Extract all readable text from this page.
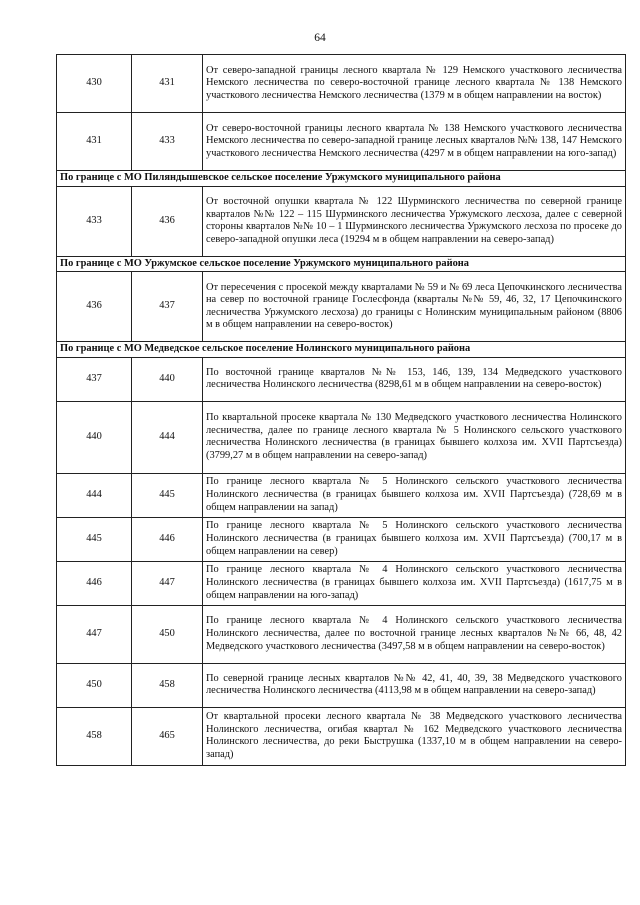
64
430	431	От северо-западной границы лесного квартала № 129 Немского участкового лесничества Немского лесничества по северо-восточной границе лесного квартала № 138 Немского участкового лесничества Немского лесничества (1379 м в общем направлении на восток)
431	433	От северо-восточной границы лесного квартала № 138 Немского участкового лесничества Немского лесничества по северо-западной границе лесных кварталов №№ 138, 147 Немского участкового лесничества Немского лесничества (4297 м в общем направлении на юго-запад)
По границе с МО Пиляндышевское сельское поселение Уржумского муниципального района		
433	436	От восточной опушки квартала № 122 Шурминского лесничества по северной границе кварталов №№ 122 – 115 Шурминского лесничества Уржумского лесхоза, далее с северной стороны кварталов №№ 10 – 1 Шурминского лесничества Уржумского лесхоза по просеке до северо-западной опушки леса (19294 м в общем направлении на северо-запад)
По границе с МО Уржумское сельское поселение Уржумского муниципального района		
436	437	От пересечения с просекой между кварталами № 59 и № 69 леса Цепочкинского лесничества на север по восточной границе Гослесфонда (кварталы №№ 59, 46, 32, 17 Цепочкинского лесничества Уржумского лесхоза) до границы с Нолинским муниципальным районом (8806 м в общем направлении на северо-восток)
По границе с МО Медведское сельское поселение Нолинского муниципального района		
437	440	По восточной границе кварталов №№ 153, 146, 139, 134 Медведского участкового лесничества Нолинского лесничества (8298,61 м в общем направлении на северо-восток)
440	444	По квартальной просеке квартала № 130 Медведского участкового лесничества Нолинского лесничества, далее по границе лесного квартала № 5 Нолинского сельского участкового лесничества Нолинского лесничества (в границах бывшего колхоза им. XVII Партсъезда) (3799,27 м в общем направлении на северо-запад)
444	445	По границе лесного квартала № 5 Нолинского сельского участкового лесничества Нолинского лесничества (в границах бывшего колхоза им. XVII Партсъезда) (728,69 м в общем направлении на запад)
445	446	По границе лесного квартала № 5 Нолинского сельского участкового лесничества Нолинского лесничества (в границах бывшего колхоза им. XVII Партсъезда) (700,17 м в общем направлении на север)
446	447	По границе лесного квартала № 4 Нолинского сельского участкового лесничества Нолинского лесничества (в границах бывшего колхоза им. XVII Партсъезда) (1617,75 м в общем направлении на юго-запад)
447	450	По границе лесного квартала № 4 Нолинского сельского участкового лесничества Нолинского лесничества, далее по восточной границе лесных кварталов №№ 66, 48, 42 Медведского участкового лесничества (3497,58 м в общем направлении на северо-восток)
450	458	По северной границе лесных кварталов №№ 42, 41, 40, 39, 38 Медведского участкового лесничества Нолинского лесничества (4113,98 м в общем направлении на северо-запад)
458	465	От квартальной просеки лесного квартала № 38 Медведского участкового лесничества Нолинского лесничества, огибая квартал № 162 Медведского участкового лесничества Нолинского лесничества, до реки Быструшка (1337,10 м в общем направлении на северо-запад)
